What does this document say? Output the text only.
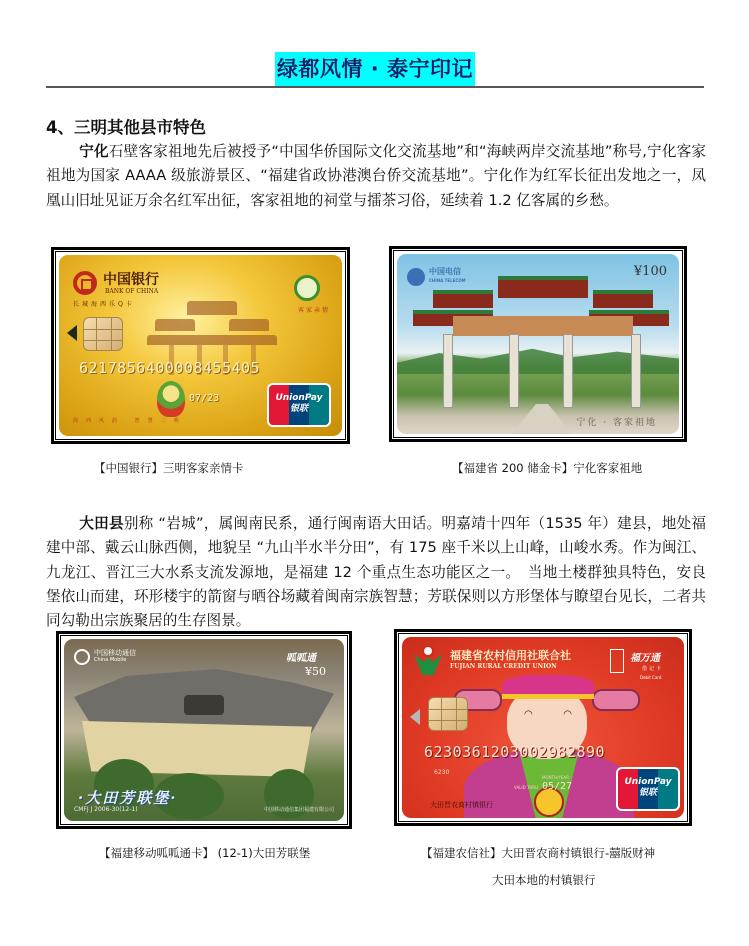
绿都风情 · 泰宁印记
4、三明其他县市特色
宁化石壁客家祖地先后被授予“中国华侨国际文化交流基地”和“海峡两岸交流基地”称号,宁化客家祖地为国家 AAAA 级旅游景区、“福建省政协港澳台侨交流基地”。宁化作为红军长征出发地之一，凤凰山旧址见证万余名红军出征，客家祖地的祠堂与擂茶习俗，延续着 1.2 亿客属的乡愁。
中国银行
BANK OF CHINA
长城海西乐Q卡
客家亲情
6217856400008455405
07/23
海西风韵 智慧三明
UnionPay
银联
【中国银行】三明客家亲情卡
中国电信
CHINA TELECOM
¥100
宁化 · 客家祖地
【福建省 200 储金卡】宁化客家祖地
大田县别称 “岩城”，属闽南民系，通行闽南语大田话。明嘉靖十四年（1535 年）建县，地处福建中部、戴云山脉西侧，地貌呈 “九山半水半分田”，有 175 座千米以上山峰，山峻水秀。作为闽江、九龙江、晋江三大水系支流发源地，是福建 12 个重点生态功能区之一。　当地土楼群独具特色，安良堡依山而建，环形楼宇的箭窗与晒谷场藏着闽南宗族智慧；芳联保则以方形堡体与瞭望台见长，二者共同勾勒出宗族聚居的生存图景。
中国移动通信
China Mobile	呱呱通
¥50
·大田芳联堡·
CMFJ J 2006-30(12-1)	中国移动通信集团福建有限公司
【福建移动呱呱通卡】 (12-1)大田芳联堡
◠	◠
福建省农村信用社联合社
FUJIAN RURAL CREDIT UNION
福万通
借记卡
Debit Card
6230361203002982890
6230
VALID THRU
MONTH/YEAR
05/27
大田晋农商村镇银行
UnionPay
银联
【福建农信社】大田晋农商村镇银行-囍版财神
大田本地的村镇银行
